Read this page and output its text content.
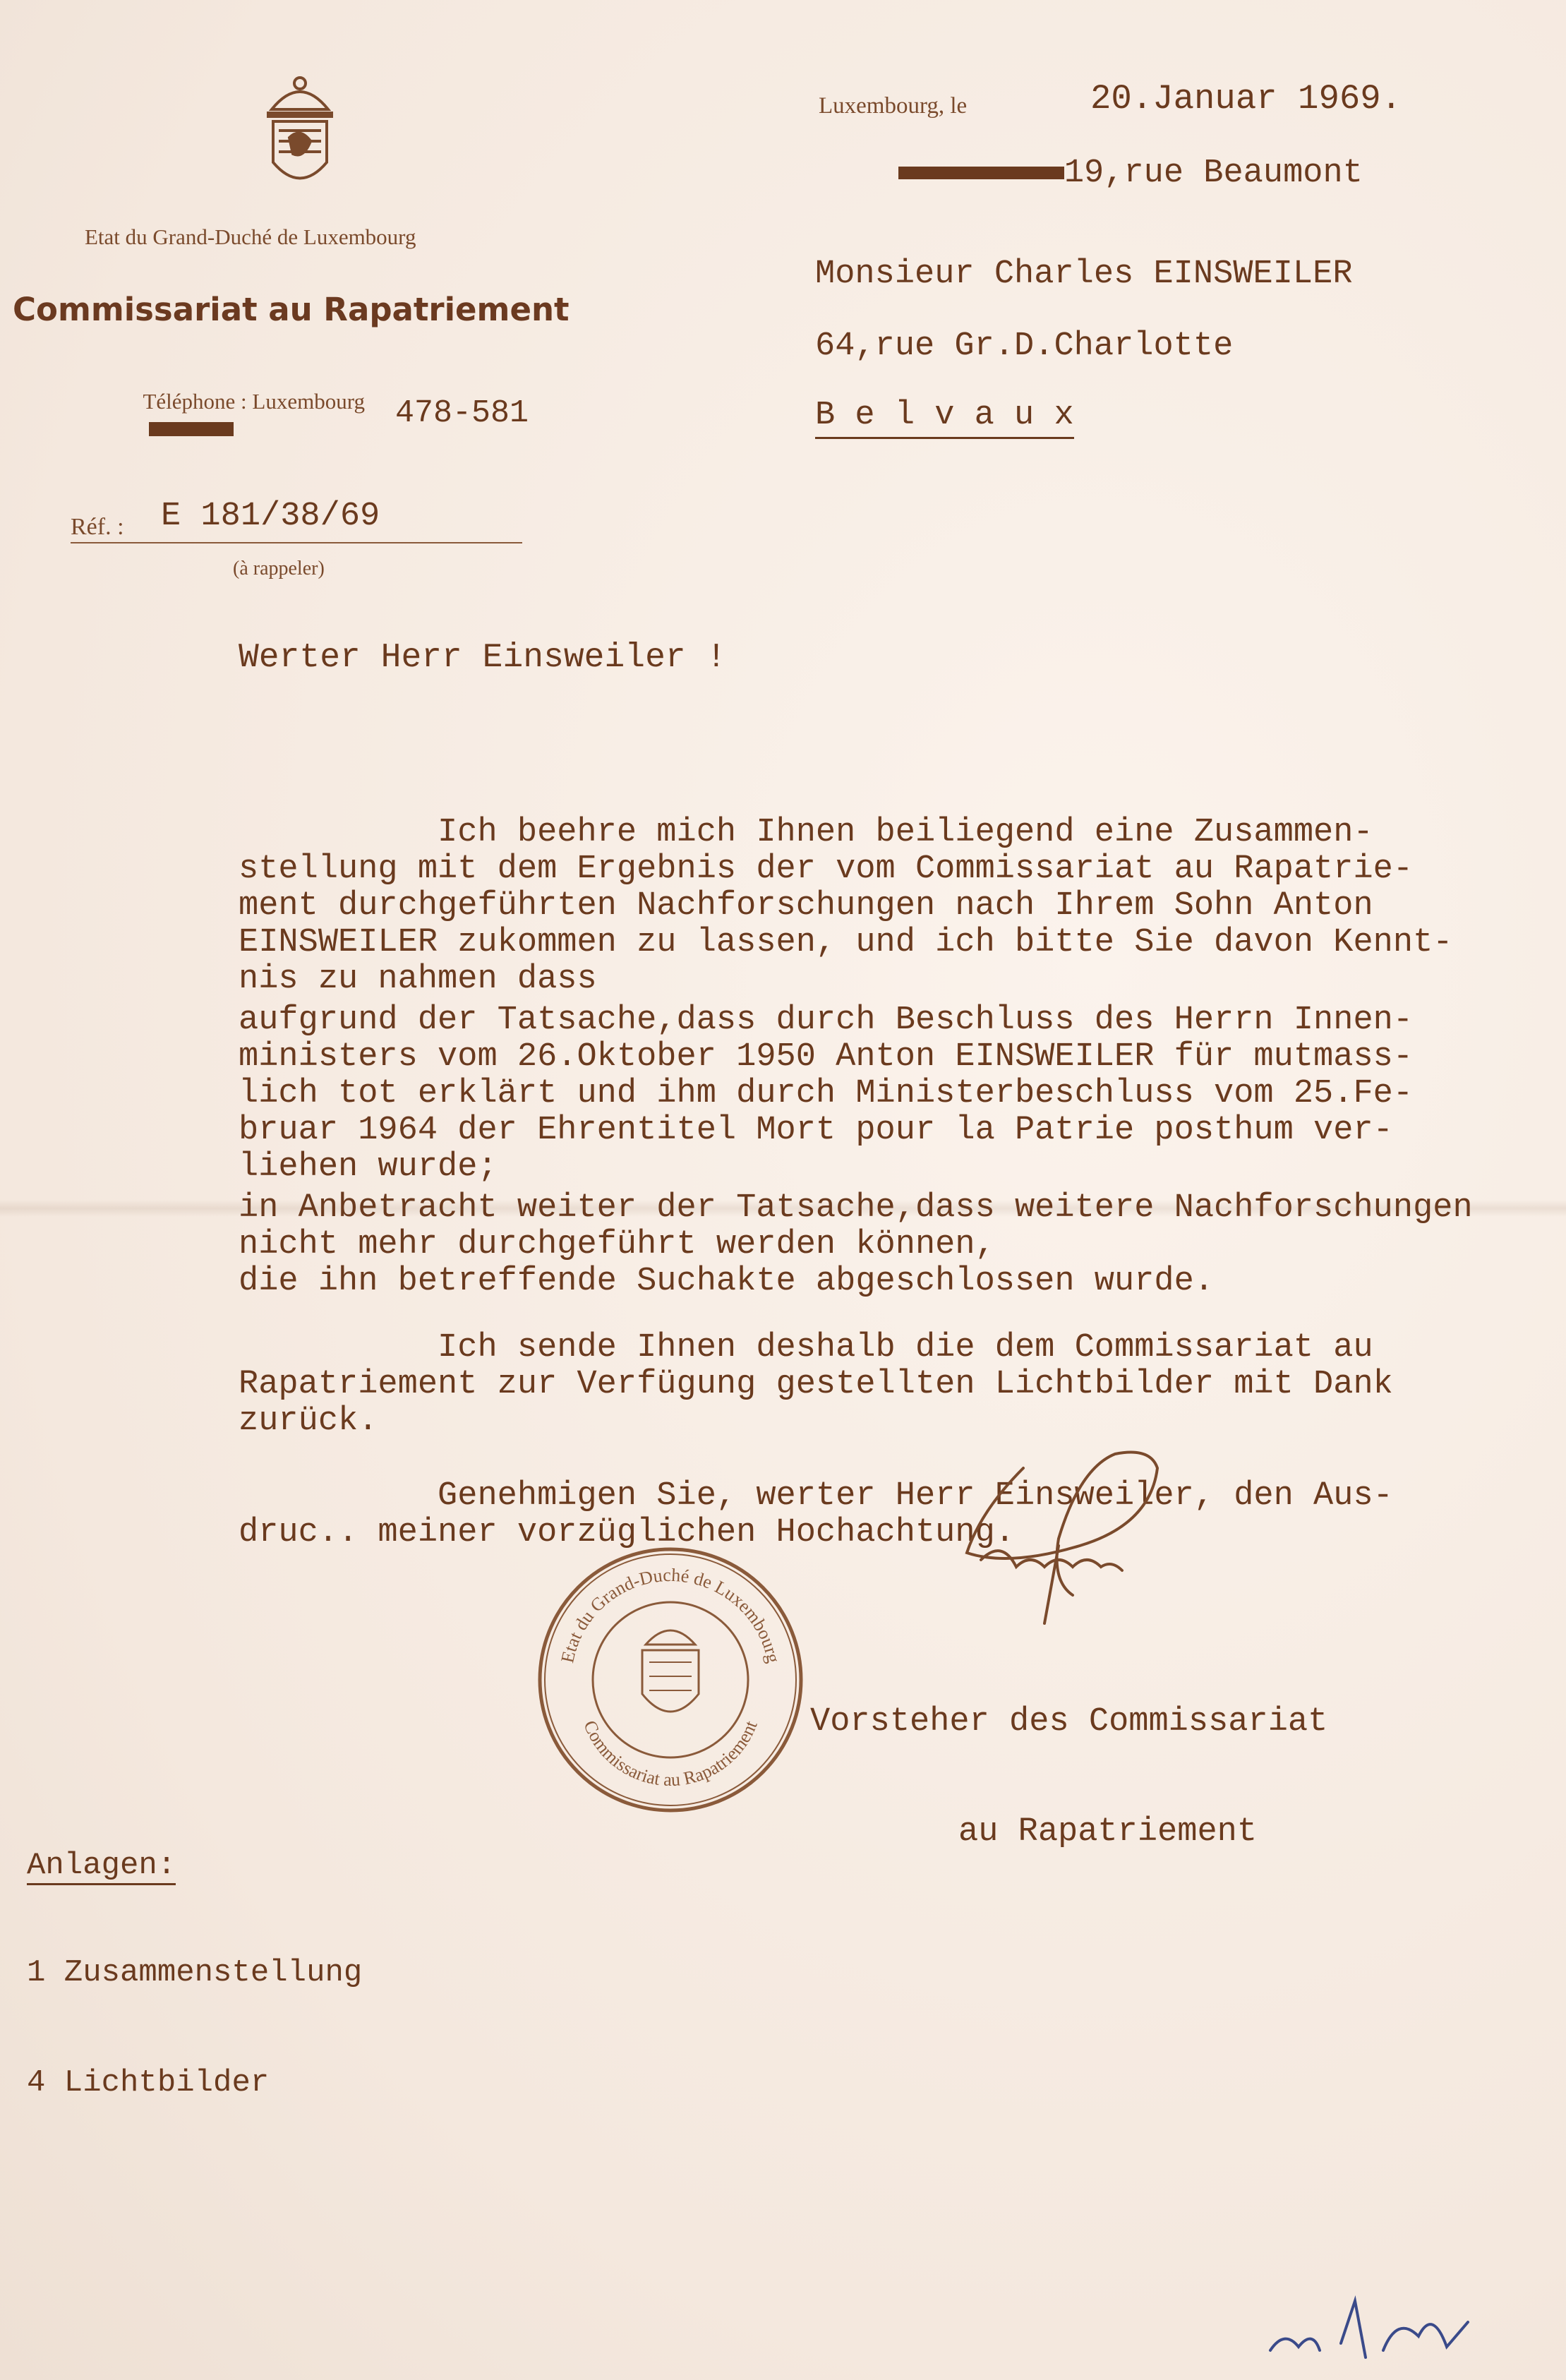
Etat du Grand-Duché de Luxembourg
Commissariat au Rapatriement

Téléphone : Luxembourg

478-581
Réf. : E 181/38/69
(à rappeler)
Luxembourg, le	20.Januar 1969.

19,rue Beaumont

Monsieur Charles EINSWEILER
64,rue Gr.D.Charlotte
B e l v a u x
Werter Herr Einsweiler !

Ich beehre mich Ihnen beiliegend eine Zusammen-
stellung mit dem Ergebnis der vom Commissariat au Rapatrie-
ment durchgeführten Nachforschungen nach Ihrem Sohn Anton
EINSWEILER zukommen zu lassen, und ich bitte Sie davon Kennt-
nis zu nahmen dass

aufgrund der Tatsache,dass durch Beschluss des Herrn Innen-
ministers vom 26.Oktober 1950 Anton EINSWEILER für mutmass-
lich tot erklärt und ihm durch Ministerbeschluss vom 25.Fe-
bruar 1964 der Ehrentitel Mort pour la Patrie posthum ver-
liehen wurde;

in Anbetracht weiter der Tatsache,dass weitere Nachforschungen
nicht mehr durchgeführt werden können,
die ihn betreffende Suchakte abgeschlossen wurde.

Ich sende Ihnen deshalb die dem Commissariat au
Rapatriement zur Verfügung gestellten Lichtbilder mit Dank
zurück.

Genehmigen Sie, werter Herr Einsweiler, den Aus-
druc.. meiner vorzüglichen Hochachtung.

Etat du Grand-Duché de Luxembourg
Commissariat au Rapatriement

Vorsteher des Commissariat

au Rapatriement

Anlagen:

1 Zusammenstellung

4 Lichtbilder
